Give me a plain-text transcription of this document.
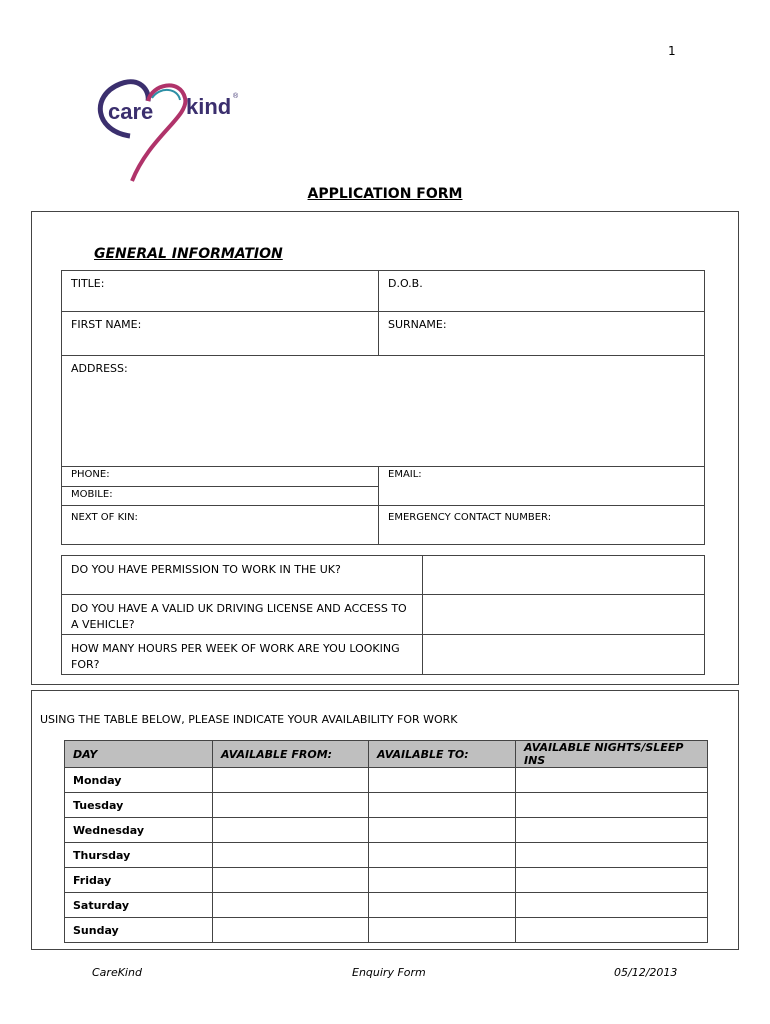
1
care kind ®
APPLICATION FORM
GENERAL INFORMATION
TITLE:	D.O.B.
FIRST NAME:	SURNAME:
ADDRESS:
PHONE:	EMAIL:
MOBILE:
NEXT OF KIN:	EMERGENCY CONTACT NUMBER:
DO YOU HAVE PERMISSION TO WORK IN THE UK?
DO YOU HAVE A VALID UK DRIVING LICENSE AND ACCESS TO A VEHICLE?
HOW MANY HOURS PER WEEK OF WORK ARE YOU LOOKING FOR?
USING THE TABLE BELOW, PLEASE INDICATE YOUR AVAILABILITY FOR WORK
DAY	AVAILABLE FROM:	AVAILABLE TO:	AVAILABLE NIGHTS/SLEEP INS
Monday			
Tuesday			
Wednesday			
Thursday			
Friday			
Saturday			
Sunday			
CareKind	Enquiry Form	05/12/2013
